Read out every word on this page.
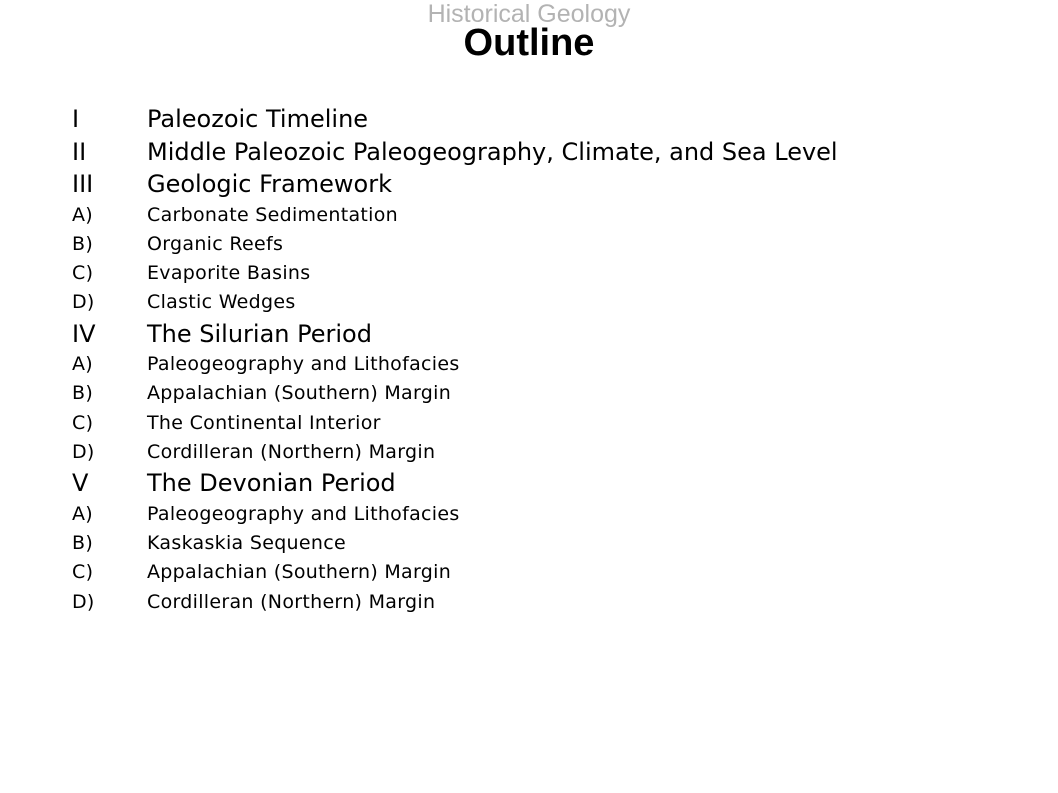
Historical Geology
Outline
I	Paleozoic Timeline
II	Middle Paleozoic Paleogeography, Climate, and Sea Level
III	Geologic Framework
A)	Carbonate Sedimentation
B)	Organic Reefs
C)	Evaporite Basins
D)	Clastic Wedges
IV	The Silurian Period
A)	Paleogeography and Lithofacies
B)	Appalachian (Southern) Margin
C)	The Continental Interior
D)	Cordilleran (Northern) Margin
V	The Devonian Period
A)	Paleogeography and Lithofacies
B)	Kaskaskia Sequence
C)	Appalachian (Southern) Margin
D)	Cordilleran (Northern) Margin
